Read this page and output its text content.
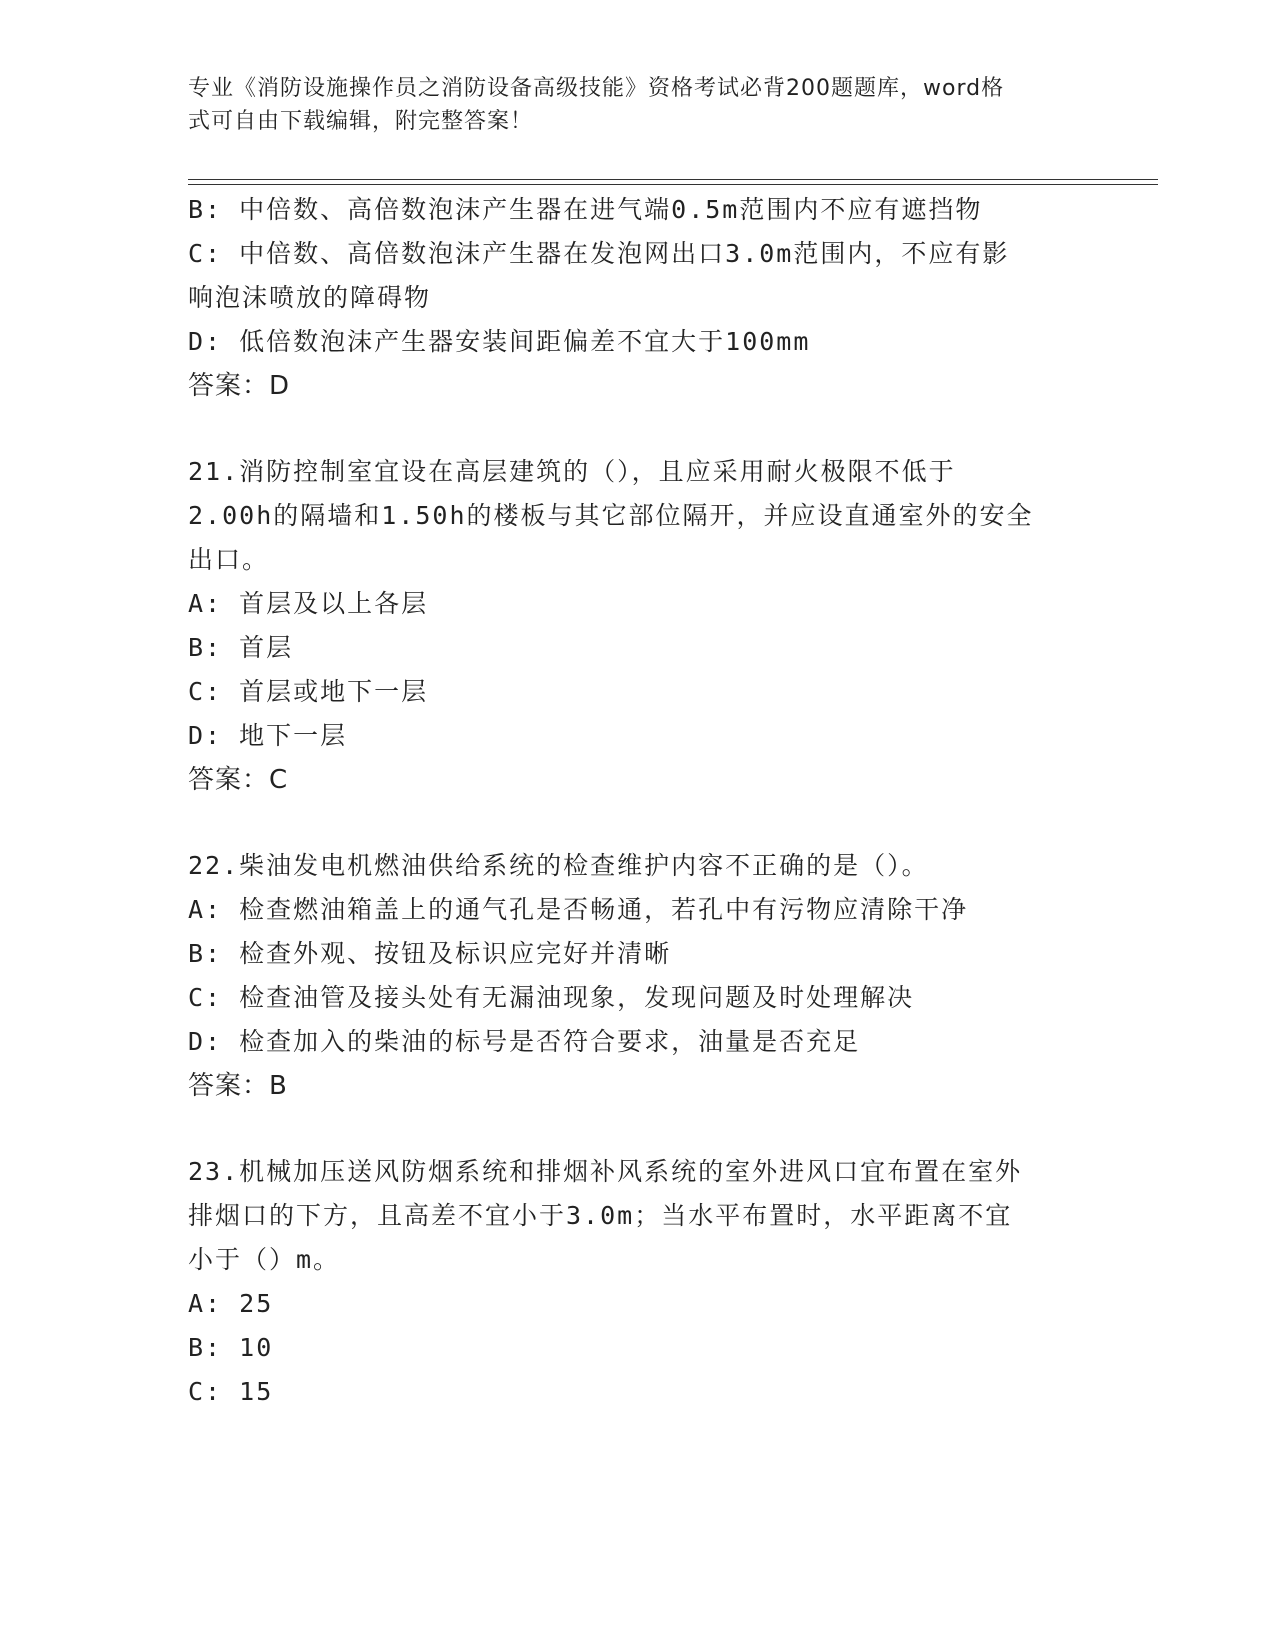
专业《消防设施操作员之消防设备高级技能》资格考试必背200题题库，word格
式可自由下载编辑，附完整答案！
B: 中倍数、高倍数泡沫产生器在进气端0.5m范围内不应有遮挡物
C: 中倍数、高倍数泡沫产生器在发泡网出口3.0m范围内，不应有影
响泡沫喷放的障碍物
D: 低倍数泡沫产生器安装间距偏差不宜大于100mm
答案：D
21.消防控制室宜设在高层建筑的（），且应采用耐火极限不低于
2.00h的隔墙和1.50h的楼板与其它部位隔开，并应设直通室外的安全
出口。
A: 首层及以上各层
B: 首层
C: 首层或地下一层
D: 地下一层
答案：C
22.柴油发电机燃油供给系统的检查维护内容不正确的是（）。
A: 检查燃油箱盖上的通气孔是否畅通，若孔中有污物应清除干净
B: 检查外观、按钮及标识应完好并清晰
C: 检查油管及接头处有无漏油现象，发现问题及时处理解决
D: 检查加入的柴油的标号是否符合要求，油量是否充足
答案：B
23.机械加压送风防烟系统和排烟补风系统的室外进风口宜布置在室外
排烟口的下方，且高差不宜小于3.0m；当水平布置时，水平距离不宜
小于（）m。
A: 25
B: 10
C: 15
